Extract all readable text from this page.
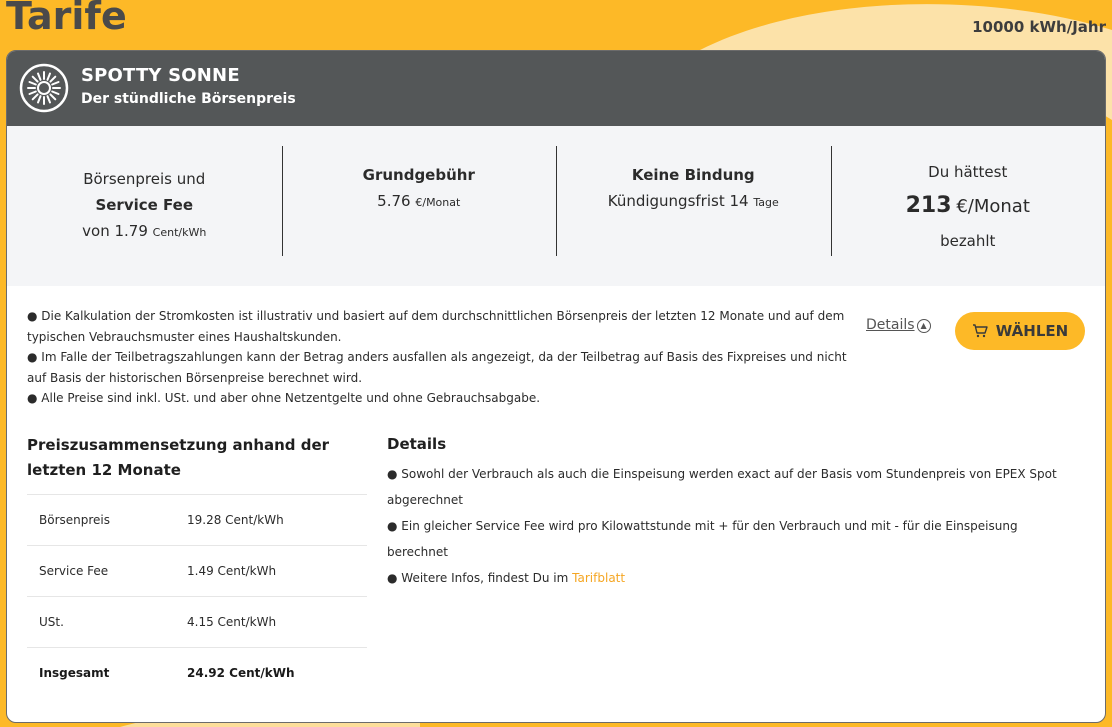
Tarife	10000 kWh/Jahr
SPOTTY SONNE
Der stündliche Börsenpreis
Börsenpreis und
Service Fee
von 1.79 Cent/kWh
Grundgebühr
5.76 €/Monat
Keine Bindung
Kündigungsfrist 14 Tage
Du hättest
213 €/Monat
bezahlt

● Die Kalkulation der Stromkosten ist illustrativ und basiert auf dem durchschnittlichen Börsenpreis der letzten 12 Monate und auf dem typischen Vebrauchsmuster eines Haushaltskunden.

● Im Falle der Teilbetragszahlungen kann der Betrag anders ausfallen als angezeigt, da der Teilbetrag auf Basis des Fixpreises und nicht auf Basis der historischen Börsenpreise berechnet wird.

● Alle Preise sind inkl. USt. und aber ohne Netzentgelte und ohne Gebrauchsabgabe.

Details ▲	WÄHLEN
Preiszusammensetzung anhand der letzten 12 Monate
Börsenpreis	19.28 Cent/kWh
Service Fee	1.49 Cent/kWh
USt.	4.15 Cent/kWh
Insgesamt	24.92 Cent/kWh
Details

● Sowohl der Verbrauch als auch die Einspeisung werden exact auf der Basis vom Stundenpreis von EPEX Spot abgerechnet

● Ein gleicher Service Fee wird pro Kilowattstunde mit + für den Verbrauch und mit - für die Einspeisung berechnet

● Weitere Infos, findest Du im Tarifblatt
